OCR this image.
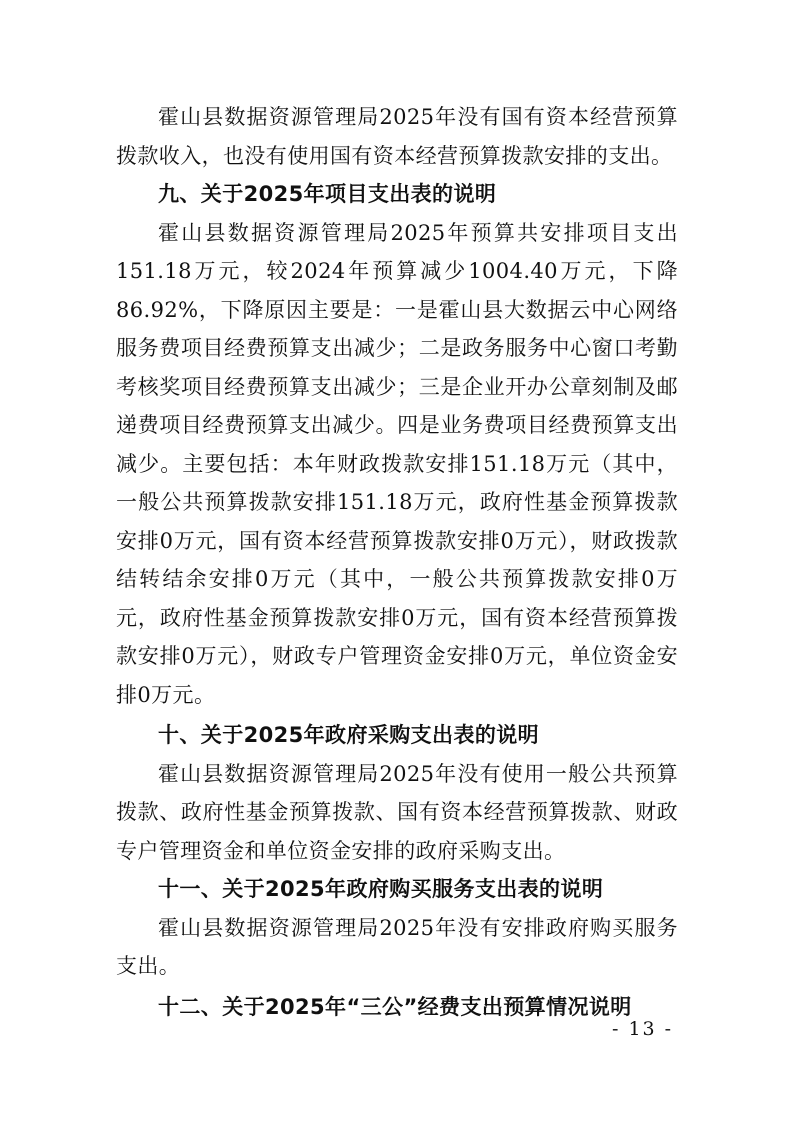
霍山县数据资源管理局2025年没有国有资本经营预算拨款收入，也没有使用国有资本经营预算拨款安排的支出。

九、关于2025年项目支出表的说明

霍山县数据资源管理局2025年预算共安排项目支出151.18万元，较2024年预算减少1004.40万元，下降86.92%，下降原因主要是：一是霍山县大数据云中心网络服务费项目经费预算支出减少；二是政务服务中心窗口考勤考核奖项目经费预算支出减少；三是企业开办公章刻制及邮递费项目经费预算支出减少。四是业务费项目经费预算支出减少。主要包括：本年财政拨款安排151.18万元（其中，一般公共预算拨款安排151.18万元，政府性基金预算拨款安排0万元，国有资本经营预算拨款安排0万元），财政拨款结转结余安排0万元（其中，一般公共预算拨款安排0万元，政府性基金预算拨款安排0万元，国有资本经营预算拨款安排0万元），财政专户管理资金安排0万元，单位资金安排0万元。

十、关于2025年政府采购支出表的说明

霍山县数据资源管理局2025年没有使用一般公共预算拨款、政府性基金预算拨款、国有资本经营预算拨款、财政专户管理资金和单位资金安排的政府采购支出。

十一、关于2025年政府购买服务支出表的说明

霍山县数据资源管理局2025年没有安排政府购买服务支出。

十二、关于2025年“三公”经费支出预算情况说明

- 13 -
